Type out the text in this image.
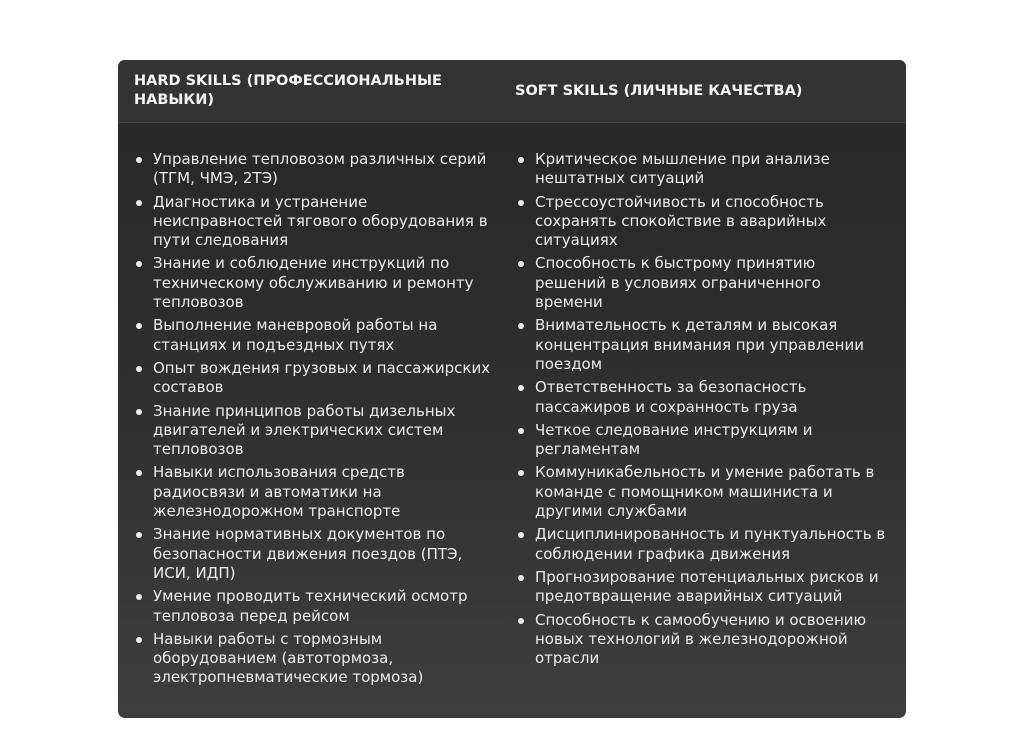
HARD SKILLS (ПРОФЕССИОНАЛЬНЫЕ НАВЫКИ)
SOFT SKILLS (ЛИЧНЫЕ КАЧЕСТВА)
Управление тепловозом различных серий (ТГМ, ЧМЭ, 2ТЭ)
Диагностика и устранение неисправностей тягового оборудования в пути следования
Знание и соблюдение инструкций по техническому обслуживанию и ремонту тепловозов
Выполнение маневровой работы на станциях и подъездных путях
Опыт вождения грузовых и пассажирских составов
Знание принципов работы дизельных двигателей и электрических систем тепловозов
Навыки использования средств радиосвязи и автоматики на железнодорожном транспорте
Знание нормативных документов по безопасности движения поездов (ПТЭ, ИСИ, ИДП)
Умение проводить технический осмотр тепловоза перед рейсом
Навыки работы с тормозным оборудованием (автотормоза, электропневматические тормоза)
Критическое мышление при анализе нештатных ситуаций
Стрессоустойчивость и способность сохранять спокойствие в аварийных ситуациях
Способность к быстрому принятию решений в условиях ограниченного времени
Внимательность к деталям и высокая концентрация внимания при управлении поездом
Ответственность за безопасность пассажиров и сохранность груза
Четкое следование инструкциям и регламентам
Коммуникабельность и умение работать в команде с помощником машиниста и другими службами
Дисциплинированность и пунктуальность в соблюдении графика движения
Прогнозирование потенциальных рисков и предотвращение аварийных ситуаций
Способность к самообучению и освоению новых технологий в железнодорожной отрасли
